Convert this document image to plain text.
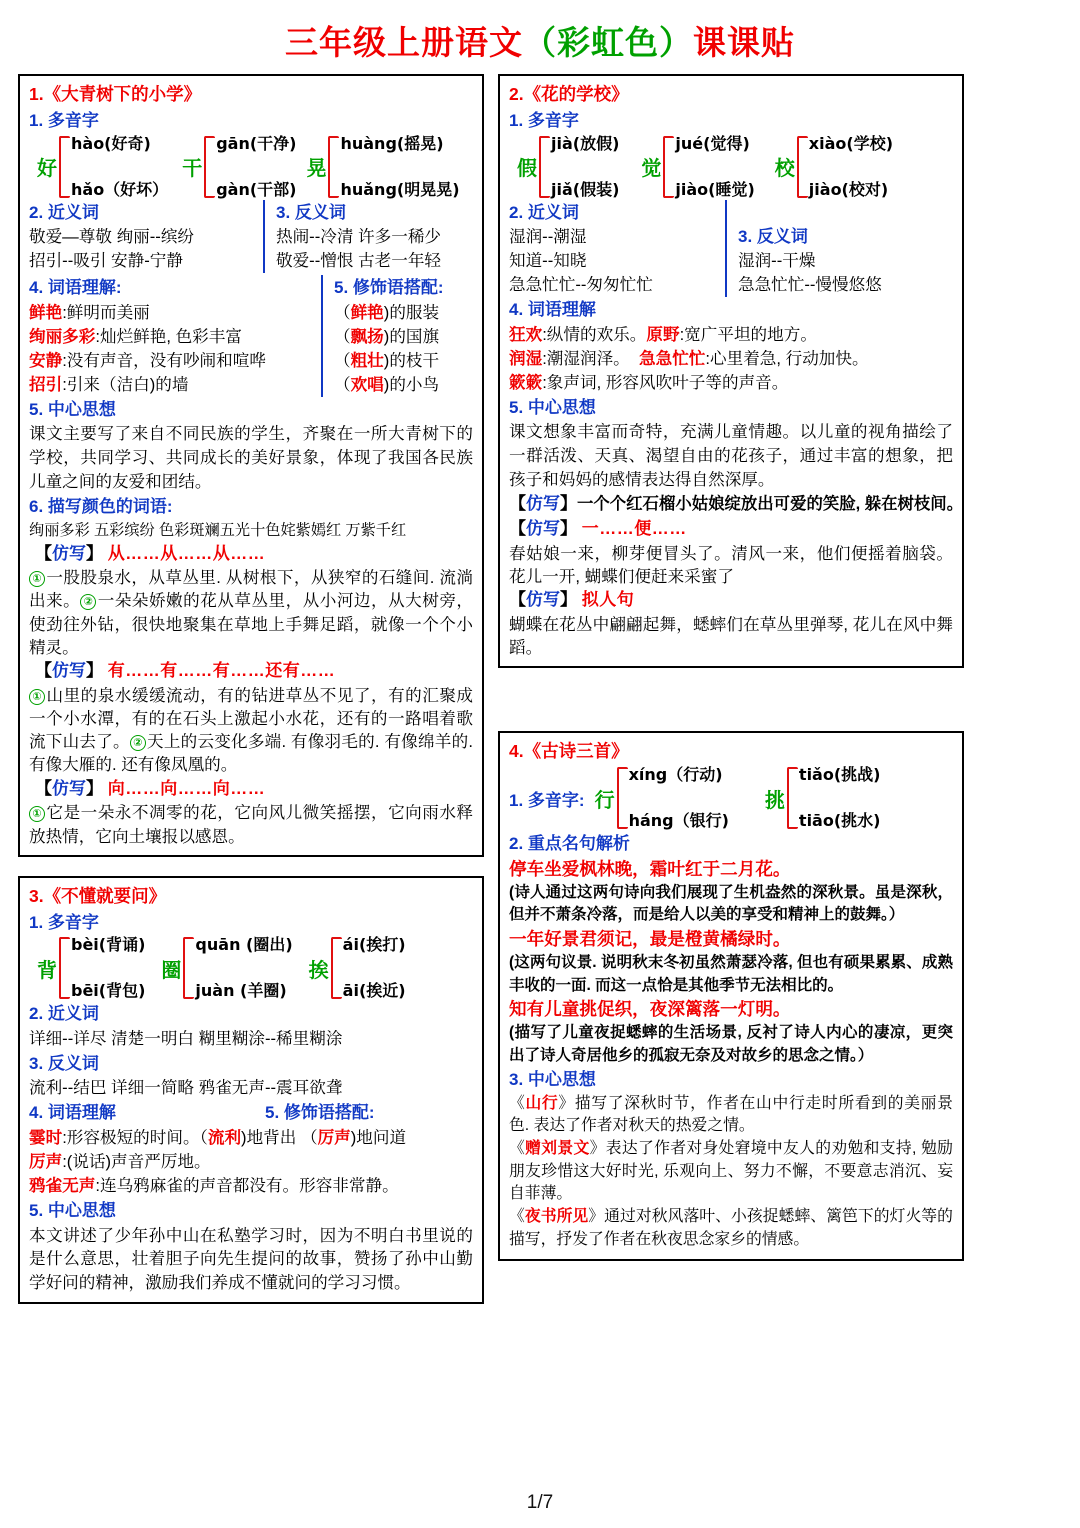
三年级上册语文（彩虹色）课课贴
1.《大青树下的小学》
1. 多音字
好
hào(好奇)
hǎo（好坏）
干
gān(干净)
gàn(干部)
晃
huàng(摇晃)
huǎng(明晃晃)
2. 近义词
敬爱—尊敬 绚丽--缤纷
招引--吸引 安静-宁静
3. 反义词
热闹--冷清 许多一稀少
敬爱--憎恨 古老一年轻
4. 词语理解:
鲜艳:鲜明而美丽
绚丽多彩:灿烂鲜艳, 色彩丰富
安静:没有声音，没有吵闹和喧哗
招引:引来（洁白)的墙
5. 修饰语搭配:
（鲜艳)的服装
（飘扬)的国旗
（粗壮)的枝干
（欢唱)的小鸟
5. 中心思想
课文主要写了来自不同民族的学生，齐聚在一所大青树下的学校，共同学习、共同成长的美好景象，体现了我国各民族儿童之间的友爱和团结。
6. 描写颜色的词语:
绚丽多彩 五彩缤纷 色彩斑斓五光十色姹紫嫣红 万紫千红
【仿写】 从……从……从……
① 一股股泉水，从草丛里. 从树根下，从狭窄的石缝间. 流淌出来。 ② 一朵朵娇嫩的花从草丛里，从小河边，从大树旁，使劲往外钻，很快地聚集在草地上手舞足蹈，就像一个个小精灵。
【仿写】 有……有……有……还有……
① 山里的泉水缓缓流动，有的钻进草丛不见了，有的汇聚成一个小水潭，有的在石头上激起小水花，还有的一路唱着歌流下山去了。 ② 天上的云变化多端. 有像羽毛的. 有像绵羊的. 有像大雁的. 还有像凤凰的。
【仿写】 向……向……向……
① 它是一朵永不凋零的花，它向风儿微笑摇摆，它向雨水释放热情，它向土壤报以感恩。
3.《不懂就要问》
1. 多音字
背
bèi(背诵)
bēi(背包)
圈
quān (圈出)
juàn (羊圈)
挨
ái(挨打)
āi(挨近)
2. 近义词
详细--详尽 清楚一明白 糊里糊涂--稀里糊涂
3. 反义词
流利--结巴 详细一简略 鸦雀无声--震耳欲聋
4. 词语理解	5. 修饰语搭配:
霎时:形容极短的时间。（流利)地背出 （厉声)地问道
厉声:(说话)声音严厉地。
鸦雀无声:连乌鸦麻雀的声音都没有。形容非常静。
5. 中心思想
本文讲述了少年孙中山在私塾学习时，因为不明白书里说的是什么意思，壮着胆子向先生提问的故事，赞扬了孙中山勤学好问的精神，激励我们养成不懂就问的学习习惯。
2.《花的学校》
1. 多音字
假
jià(放假)
jiǎ(假装)
觉
jué(觉得)
jiào(睡觉)
校
xiào(学校)
jiào(校对)
2. 近义词
湿润--潮湿
知道--知晓
急急忙忙--匆匆忙忙

3. 反义词
湿润--干燥
急急忙忙--慢慢悠悠
4. 词语理解
狂欢:纵情的欢乐。原野:宽广平坦的地方。
润湿:潮湿润泽。 急急忙忙:心里着急, 行动加快。
簌簌:象声词, 形容风吹叶子等的声音。
5. 中心思想
课文想象丰富而奇特，充满儿童情趣。以儿童的视角描绘了一群活泼、天真、渴望自由的花孩子，通过丰富的想象，把孩子和妈妈的感情表达得自然深厚。
【仿写】一个个红石榴小姑娘绽放出可爱的笑脸, 躲在树枝间。
【仿写】 一……便……
春姑娘一来，柳芽便冒头了。清风一来，他们便摇着脑袋。花儿一开, 蝴蝶们便赶来采蜜了
【仿写】 拟人句
蝴蝶在花丛中翩翩起舞，蟋蟀们在草丛里弹琴, 花儿在风中舞蹈。
4.《古诗三首》
1. 多音字: 行
xíng（行动)
háng（银行)
挑
tiǎo(挑战)
tiāo(挑水)
2. 重点名句解析
停车坐爱枫林晚，霜叶红于二月花。
(诗人通过这两句诗向我们展现了生机盎然的深秋景。虽是深秋，但并不萧条冷落，而是给人以美的享受和精神上的鼓舞。）
一年好景君须记，最是橙黄橘绿时。
(这两句议景. 说明秋末冬初虽然萧瑟冷落, 但也有硕果累累、成熟丰收的一面. 而这一点恰是其他季节无法相比的。
知有儿童挑促织，夜深篱落一灯明。
(描写了儿童夜捉蟋蟀的生活场景, 反衬了诗人内心的凄凉，更突出了诗人奇居他乡的孤寂无奈及对故乡的思念之情。）
3. 中心思想
《山行》描写了深秋时节，作者在山中行走时所看到的美丽景色. 表达了作者对秋天的热爱之情。
《赠刘景文》表达了作者对身处窘境中友人的劝勉和支持, 勉励朋友珍惜这大好时光, 乐观向上、努力不懈，不要意志消沉、妄自菲薄。
《夜书所见》通过对秋风落叶、小孩捉蟋蟀、篱笆下的灯火等的描写，抒发了作者在秋夜思念家乡的情感。
1/7
